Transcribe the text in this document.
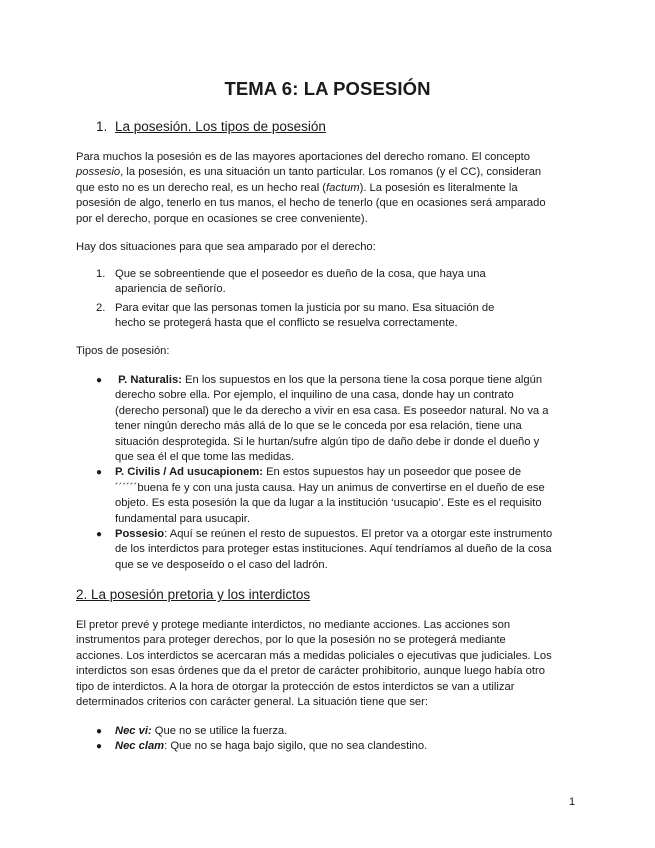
TEMA 6: LA POSESIÓN
1. La posesión. Los tipos de posesión
Para muchos la posesión es de las mayores aportaciones del derecho romano. El concepto
possesio, la posesión, es una situación un tanto particular. Los romanos (y el CC), consideran
que esto no es un derecho real, es un hecho real (factum). La posesión es literalmente la
posesión de algo, tenerlo en tus manos, el hecho de tenerlo (que en ocasiones será amparado
por el derecho, porque en ocasiones se cree conveniente).
Hay dos situaciones para que sea amparado por el derecho:
1. Que se sobreentiende que el poseedor es dueño de la cosa, que haya una
apariencia de señorío.
2. Para evitar que las personas tomen la justicia por su mano. Esa situación de
hecho se protegerá hasta que el conflicto se resuelva correctamente.
Tipos de posesión:
● P. Naturalis: En los supuestos en los que la persona tiene la cosa porque tiene algún
derecho sobre ella. Por ejemplo, el inquilino de una casa, donde hay un contrato
(derecho personal) que le da derecho a vivir en esa casa. Es poseedor natural. No va a
tener ningún derecho más allá de lo que se le conceda por esa relación, tiene una
situación desprotegida. Si le hurtan/sufre algún tipo de daño debe ir donde el dueño y
que sea él el que tome las medidas.
● P. Civilis / Ad usucapionem: En estos supuestos hay un poseedor que posee de
´´´´´´buena fe y con una justa causa. Hay un animus de convertirse en el dueño de ese
objeto. Es esta posesión la que da lugar a la institución ‘usucapio’. Este es el requisito
fundamental para usucapir.
● Possesio: Aquí se reúnen el resto de supuestos. El pretor va a otorgar este instrumento
de los interdictos para proteger estas instituciones. Aquí tendríamos al dueño de la cosa
que se ve desposeído o el caso del ladrón.
2. La posesión pretoria y los interdictos
El pretor prevé y protege mediante interdictos, no mediante acciones. Las acciones son
instrumentos para proteger derechos, por lo que la posesión no se protegerá mediante
acciones. Los interdictos se acercaran más a medidas policiales o ejecutivas que judiciales. Los
interdictos son esas órdenes que da el pretor de carácter prohibitorio, aunque luego había otro
tipo de interdictos. A la hora de otorgar la protección de estos interdictos se van a utilizar
determinados criterios con carácter general. La situación tiene que ser:
● Nec vi: Que no se utilice la fuerza.
● Nec clam: Que no se haga bajo sigilo, que no sea clandestino.
1
